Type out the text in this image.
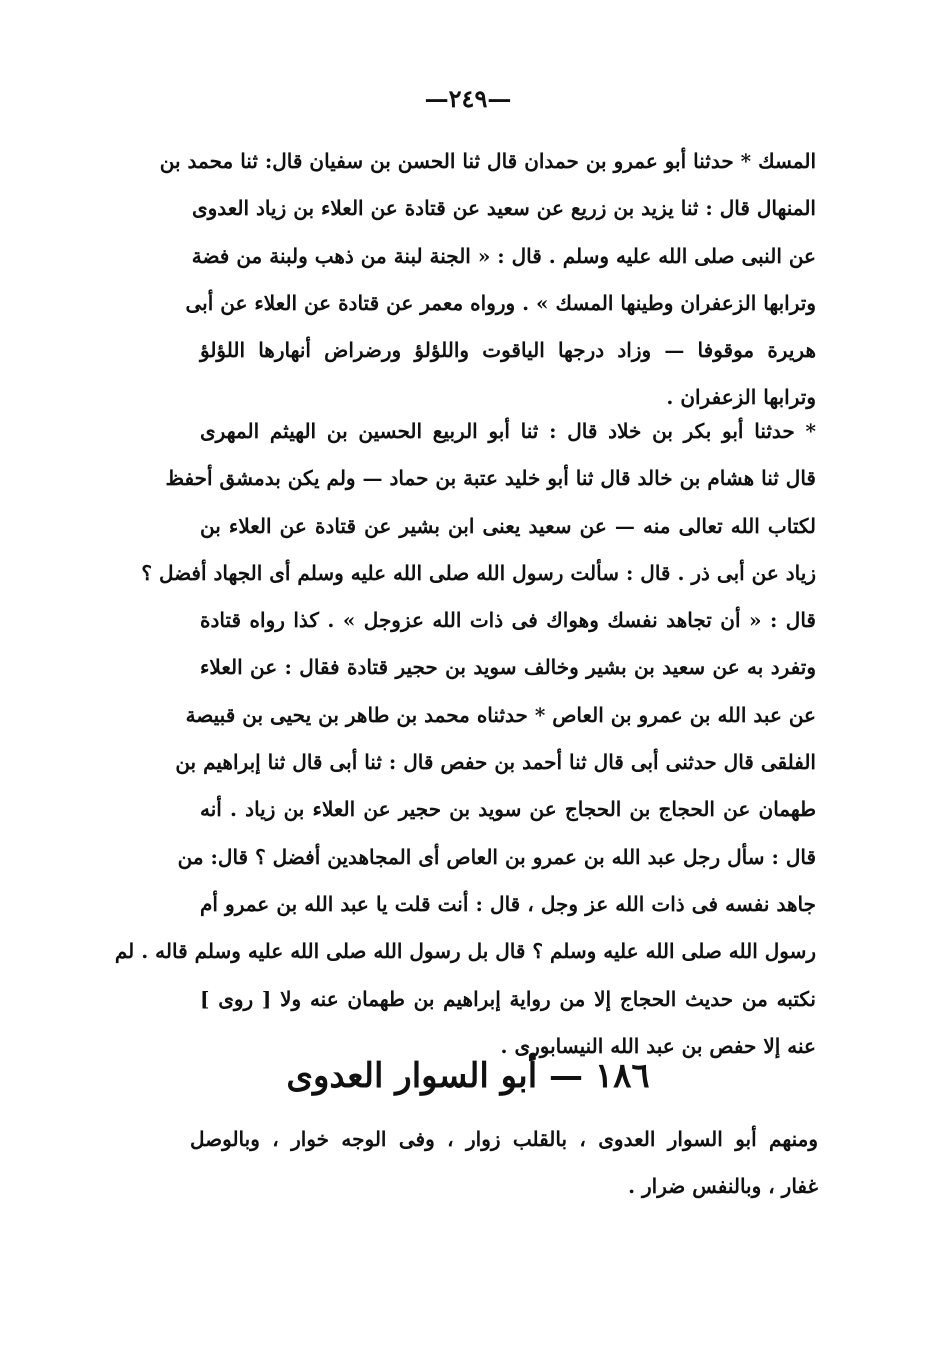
—٢٤٩—
المسك * حدثنا أبو عمرو بن حمدان قال ثنا الحسن بن سفيان قال: ثنا محمد بن
المنهال قال : ثنا يزيد بن زريع عن سعيد عن قتادة عن العلاء بن زياد العدوى
عن النبى صلى الله عليه وسلم . قال : « الجنة لبنة من ذهب ولبنة من فضة
وترابها الزعفران وطينها المسك » . ورواه معمر عن قتادة عن العلاء عن أبى
هريرة موقوفا — وزاد درجها الياقوت واللؤلؤ ورضراض أنهارها اللؤلؤ
وترابها الزعفران .
* حدثنا أبو بكر بن خلاد قال : ثنا أبو الربيع الحسين بن الهيثم المهرى
قال ثنا هشام بن خالد قال ثنا أبو خليد عتبة بن حماد — ولم يكن بدمشق أحفظ
لكتاب الله تعالى منه — عن سعيد يعنى ابن بشير عن قتادة عن العلاء بن
زياد عن أبى ذر . قال : سألت رسول الله صلى الله عليه وسلم أى الجهاد أفضل ؟
قال : « أن تجاهد نفسك وهواك فى ذات الله عزوجل » . كذا رواه قتادة
وتفرد به عن سعيد بن بشير وخالف سويد بن حجير قتادة فقال : عن العلاء
عن عبد الله بن عمرو بن العاص * حدثناه محمد بن طاهر بن يحيى بن قبيصة
الفلقى قال حدثنى أبى قال ثنا أحمد بن حفص قال : ثنا أبى قال ثنا إبراهيم بن
طهمان عن الحجاج بن الحجاج عن سويد بن حجير عن العلاء بن زياد . أنه
قال : سأل رجل عبد الله بن عمرو بن العاص أى المجاهدين أفضل ؟ قال: من
جاهد نفسه فى ذات الله عز وجل ، قال : أنت قلت يا عبد الله بن عمرو أم
رسول الله صلى الله عليه وسلم ؟ قال بل رسول الله صلى الله عليه وسلم قاله . لم
نكتبه من حديث الحجاج إلا من رواية إبراهيم بن طهمان عنه ولا [ روى ]
عنه إلا حفص بن عبد الله النيسابورى .
١٨٦ — أبو السوار العدوى
ومنهم أبو السوار العدوى ، بالقلب زوار ، وفى الوجه خوار ، وبالوصل
غفار ، وبالنفس ضرار .
